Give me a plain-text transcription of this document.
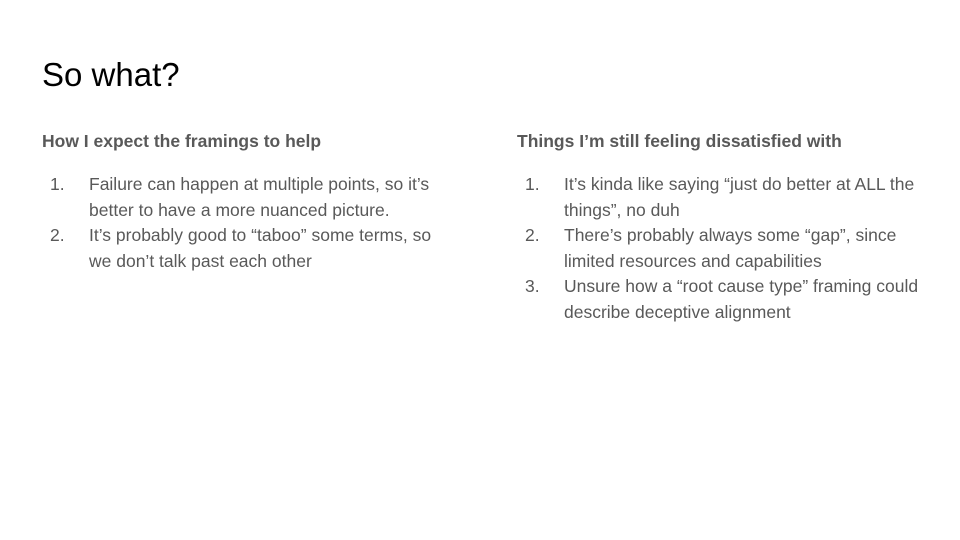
So what?
How I expect the framings to help
1. Failure can happen at multiple points, so it’s better to have a more nuanced picture.
2. It’s probably good to “taboo” some terms, so we don’t talk past each other
Things I’m still feeling dissatisfied with
1. It’s kinda like saying “just do better at ALL the things”, no duh
2. There’s probably always some “gap”, since limited resources and capabilities
3. Unsure how a “root cause type” framing could describe deceptive alignment
